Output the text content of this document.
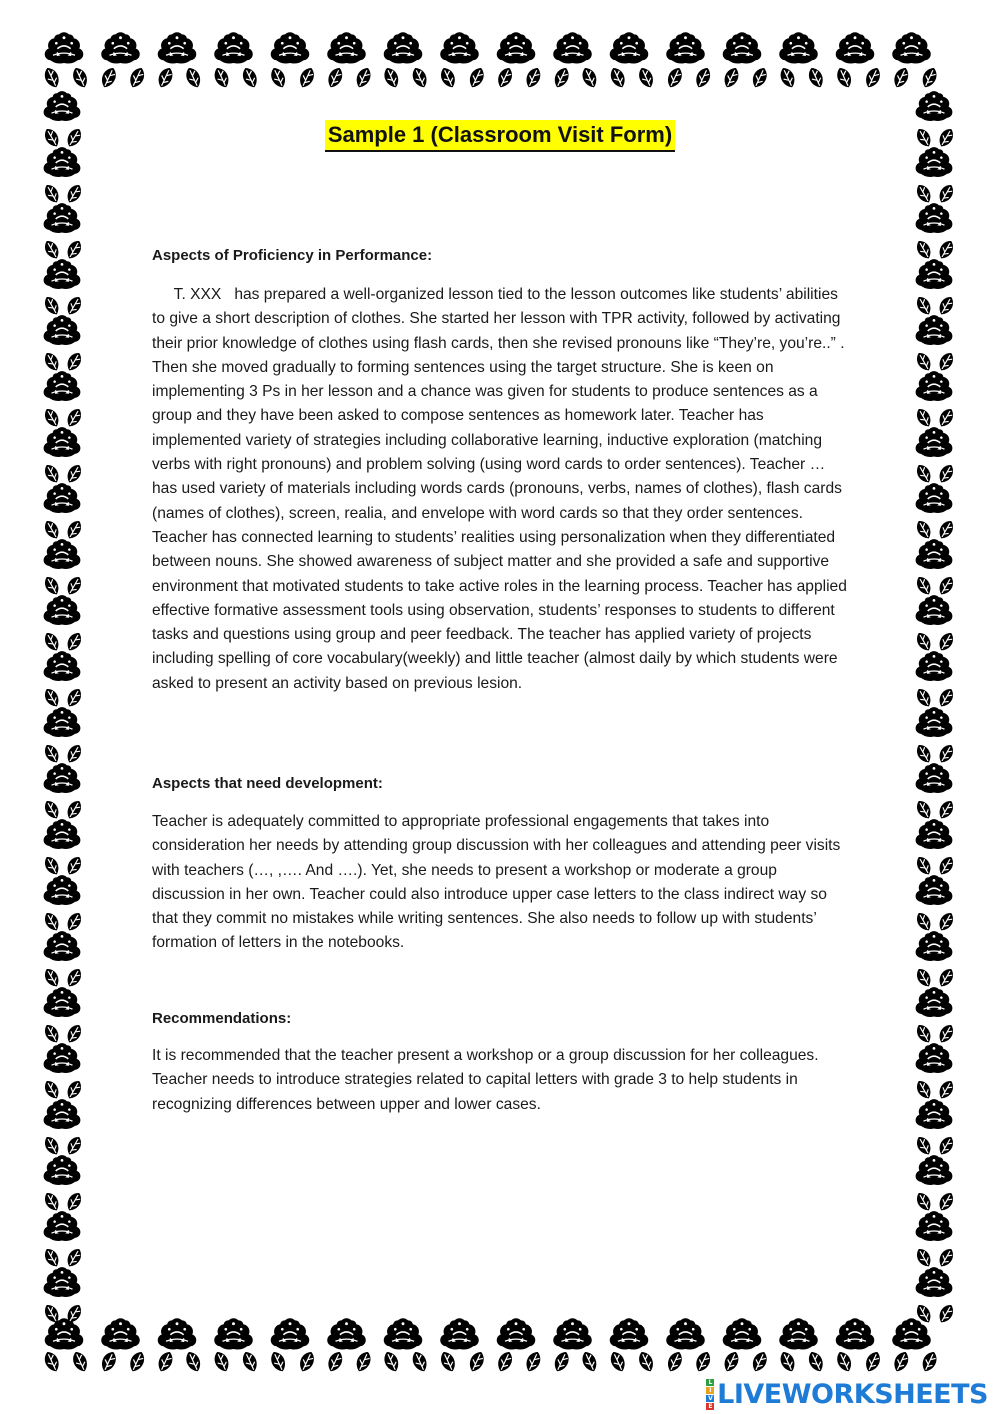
Sample 1 (Classroom Visit Form)
Aspects of Proficiency in Performance:

T. XXX   has prepared a well-organized lesson tied to the lesson outcomes like students’ abilities to give a short description of clothes. She started her lesson with TPR activity, followed by activating their prior knowledge of clothes using flash cards, then she revised pronouns like “They’re, you’re..” . Then she moved gradually to forming sentences using the target structure. She is keen on implementing 3 Ps in her lesson and a chance was given for students to produce sentences as a group and they have been asked to compose sentences as homework later. Teacher has implemented variety of strategies including collaborative learning, inductive exploration (matching verbs with right pronouns) and problem solving (using word cards to order sentences). Teacher … has used variety of materials including words cards (pronouns, verbs, names of clothes), flash cards (names of clothes), screen, realia, and envelope with word cards so that they order sentences. Teacher has connected learning to students’ realities using personalization when they differentiated between nouns. She showed awareness of subject matter and she provided a safe and supportive environment that motivated students to take active roles in the learning process. Teacher has applied effective formative assessment tools using observation, students’ responses to students to different tasks and questions using group and peer feedback. The teacher has applied variety of projects including spelling of core vocabulary(weekly) and little teacher (almost daily by which students were asked to present an activity based on previous lesion.

Aspects that need development:

Teacher is adequately committed to appropriate professional engagements that takes into consideration her needs by attending group discussion with her colleagues and attending peer visits with teachers (…, ,…. And ….). Yet, she needs to present a workshop or moderate a group discussion in her own. Teacher could also introduce upper case letters to the class indirect way so that they commit no mistakes while writing sentences. She also needs to follow up with students’ formation of letters in the notebooks.

Recommendations:

It is recommended that the teacher present a workshop or a group discussion for her colleagues. Teacher needs to introduce strategies related to capital letters with grade 3 to help students in recognizing differences between upper and lower cases.

L
I
V
E LIVEWORKSHEETS
